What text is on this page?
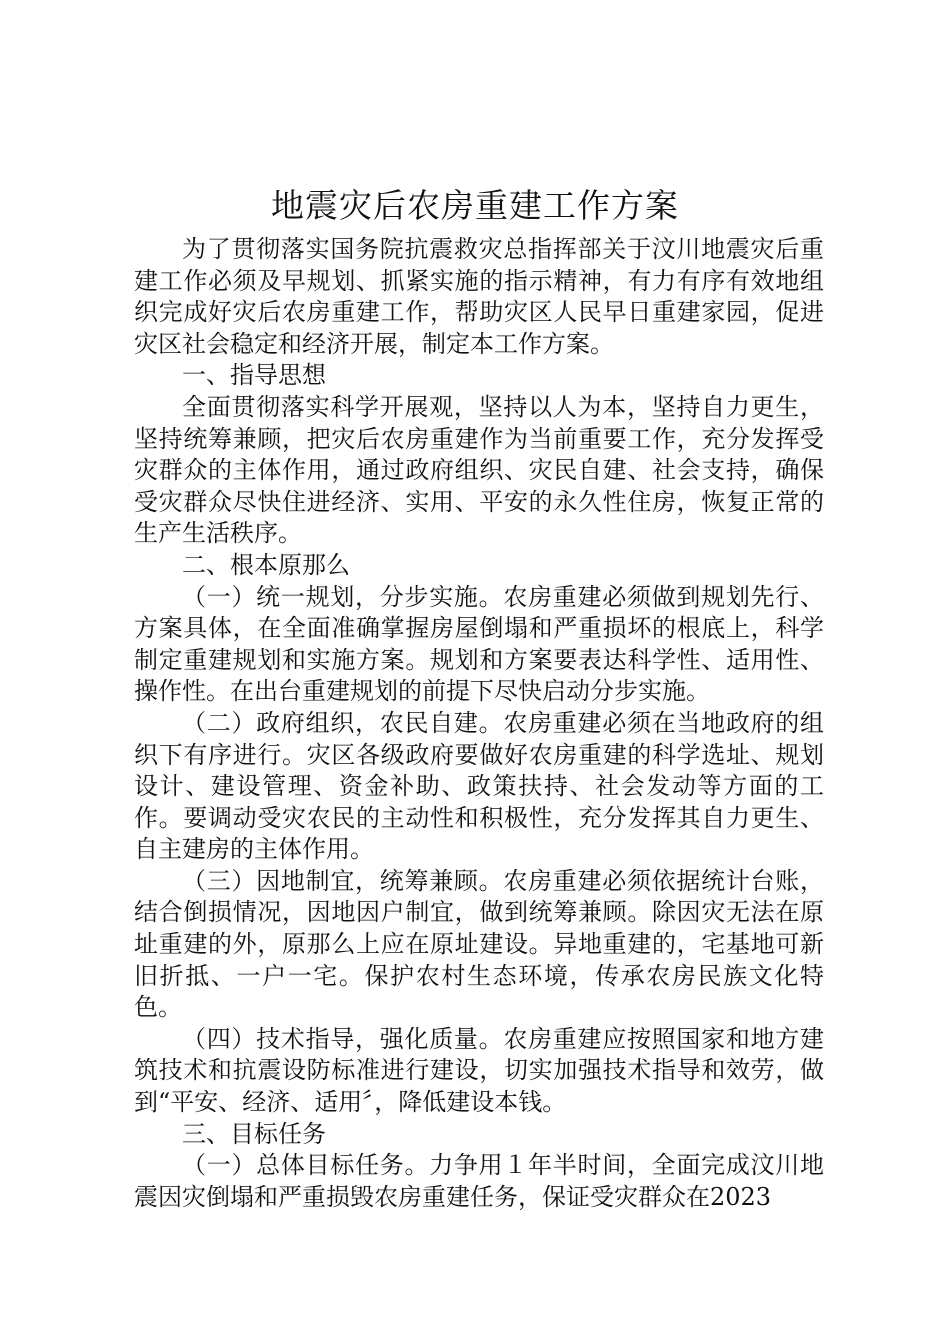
地震灾后农房重建工作方案

为了贯彻落实国务院抗震救灾总指挥部关于汶川地震灾后重建工作必须及早规划、抓紧实施的指示精神，有力有序有效地组织完成好灾后农房重建工作，帮助灾区人民早日重建家园，促进灾区社会稳定和经济开展，制定本工作方案。

一、指导思想

全面贯彻落实科学开展观，坚持以人为本，坚持自力更生，坚持统筹兼顾，把灾后农房重建作为当前重要工作，充分发挥受灾群众的主体作用，通过政府组织、灾民自建、社会支持，确保受灾群众尽快住进经济、实用、平安的永久性住房，恢复正常的生产生活秩序。

二、根本原那么

（一）统一规划，分步实施。农房重建必须做到规划先行、方案具体，在全面准确掌握房屋倒塌和严重损坏的根底上，科学制定重建规划和实施方案。规划和方案要表达科学性、适用性、操作性。在出台重建规划的前提下尽快启动分步实施。

（二）政府组织，农民自建。农房重建必须在当地政府的组织下有序进行。灾区各级政府要做好农房重建的科学选址、规划设计、建设管理、资金补助、政策扶持、社会发动等方面的工作。要调动受灾农民的主动性和积极性，充分发挥其自力更生、自主建房的主体作用。

（三）因地制宜，统筹兼顾。农房重建必须依据统计台账，结合倒损情况，因地因户制宜，做到统筹兼顾。除因灾无法在原址重建的外，原那么上应在原址建设。异地重建的，宅基地可新旧折抵、一户一宅。保护农村生态环境，传承农房民族文化特色。

（四）技术指导，强化质量。农房重建应按照国家和地方建筑技术和抗震设防标准进行建设，切实加强技术指导和效劳，做到“平安、经济、适用〞，降低建设本钱。

三、目标任务

（一）总体目标任务。力争用１年半时间，全面完成汶川地震因灾倒塌和严重损毁农房重建任务，保证受灾群众在2023
